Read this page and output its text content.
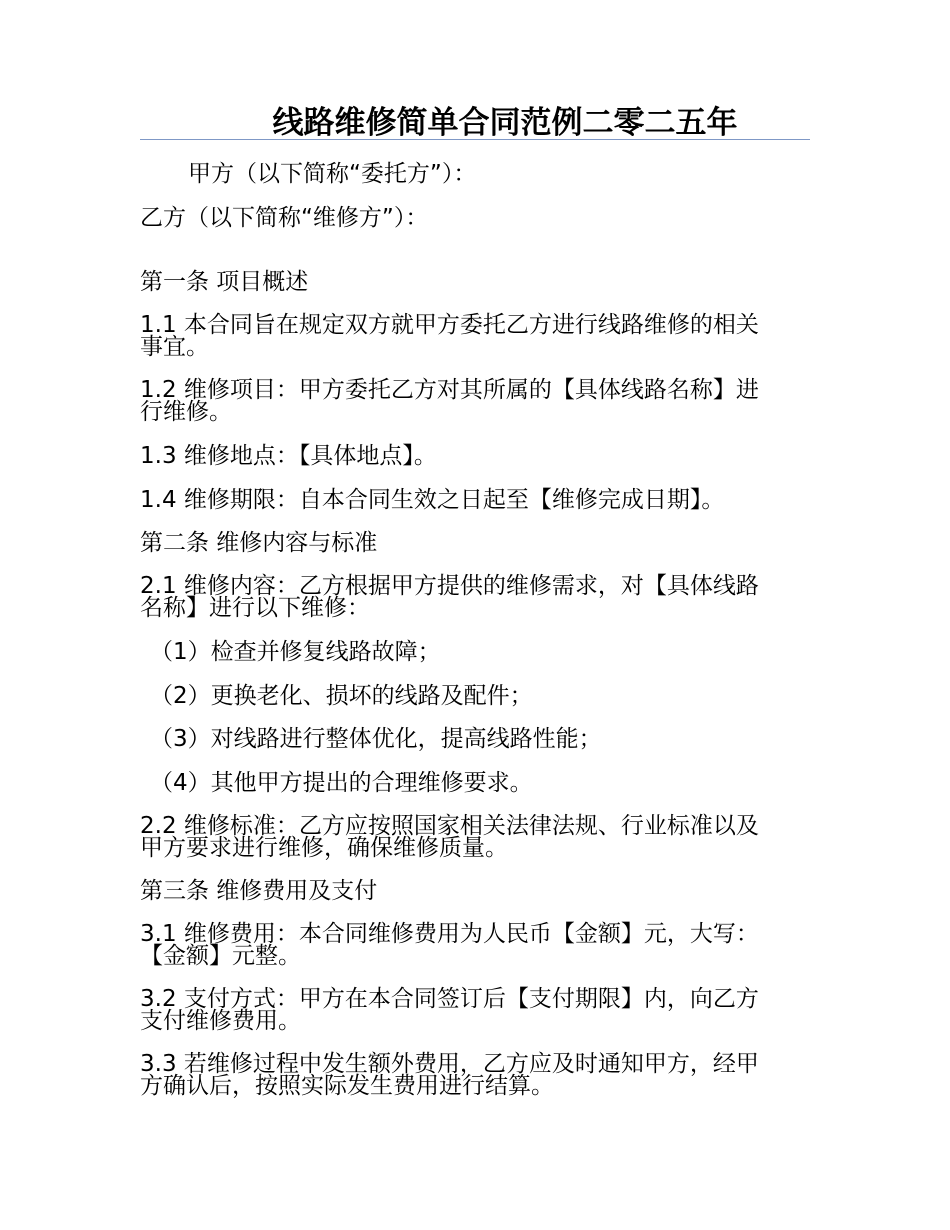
线路维修简单合同范例二零二五年
甲方（以下简称“委托方”）：
乙方（以下简称“维修方”）：
第一条 项目概述
1.1 本合同旨在规定双方就甲方委托乙方进行线路维修的相关
事宜。
1.2 维修项目：甲方委托乙方对其所属的【具体线路名称】进
行维修。
1.3 维修地点：【具体地点】。
1.4 维修期限：自本合同生效之日起至【维修完成日期】。
第二条 维修内容与标准
2.1 维修内容：乙方根据甲方提供的维修需求，对【具体线路
名称】进行以下维修：
（1）检查并修复线路故障；
（2）更换老化、损坏的线路及配件；
（3）对线路进行整体优化，提高线路性能；
（4）其他甲方提出的合理维修要求。
2.2 维修标准：乙方应按照国家相关法律法规、行业标准以及
甲方要求进行维修，确保维修质量。
第三条 维修费用及支付
3.1 维修费用：本合同维修费用为人民币【金额】元，大写：
【金额】元整。
3.2 支付方式：甲方在本合同签订后【支付期限】内，向乙方
支付维修费用。
3.3 若维修过程中发生额外费用，乙方应及时通知甲方，经甲
方确认后，按照实际发生费用进行结算。
